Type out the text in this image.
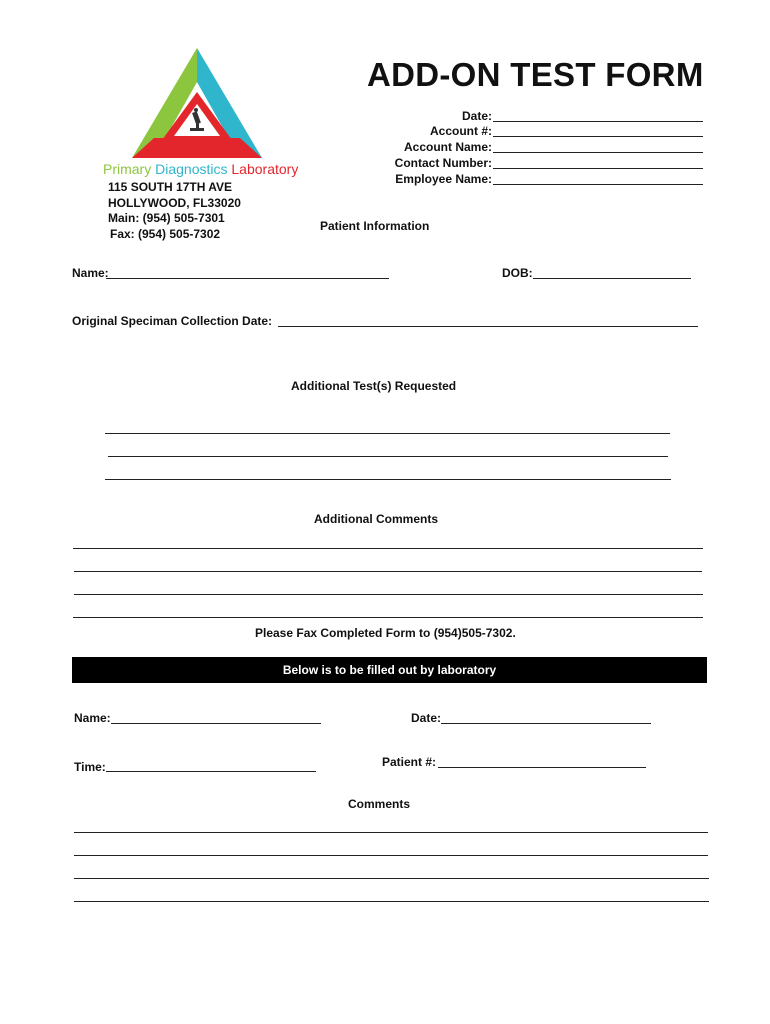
Primary Diagnostics Laboratory
115 SOUTH 17TH AVE
HOLLYWOOD, FL33020
Main: (954) 505-7301
Fax: (954) 505-7302
ADD-ON TEST FORM
Date:
Account #:
Account Name:
Contact Number:
Employee Name:
Patient Information
Name:	DOB:
Original Speciman Collection Date:
Additional Test(s) Requested
Additional Comments
Please Fax Completed Form to (954)505-7302.
Below is to be filled out by laboratory
Name:	Date:
Time:	Patient #:
Comments
